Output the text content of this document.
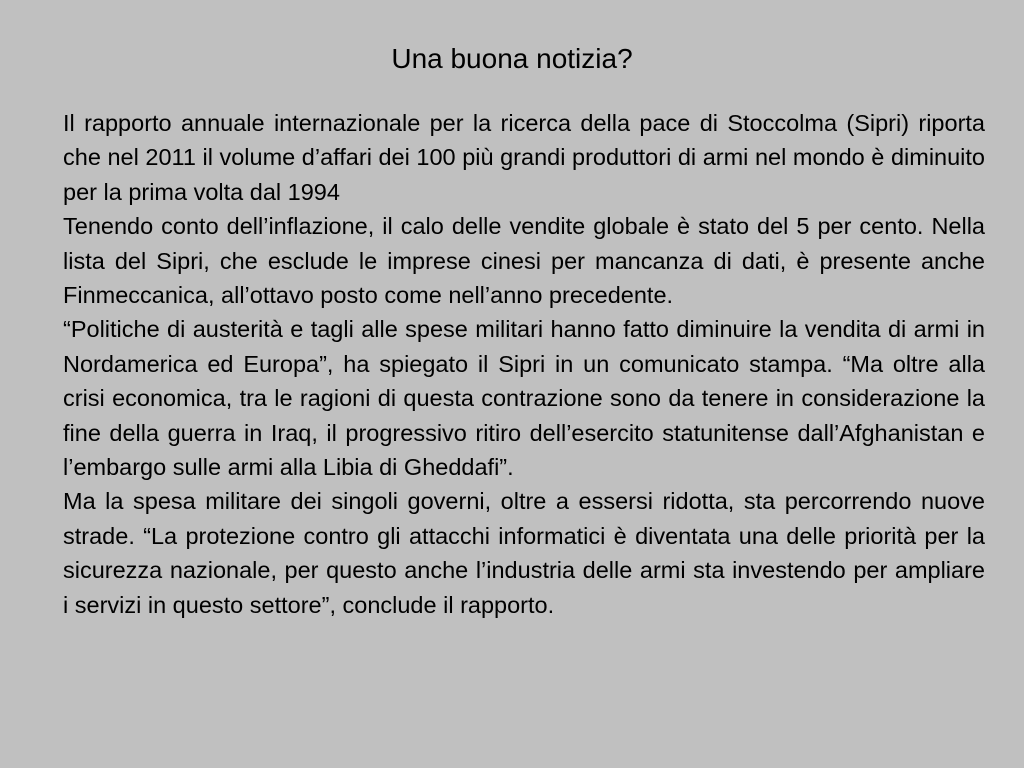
Una buona notizia?

Il rapporto annuale internazionale per la ricerca della pace di Stoccolma (Sipri) riporta che nel 2011 il volume d’affari dei 100 più grandi produttori di armi nel mondo è diminuito per la prima volta dal 1994

Tenendo conto dell’inflazione, il calo delle vendite globale è stato del 5 per cento. Nella lista del Sipri, che esclude le imprese cinesi per mancanza di dati, è presente anche Finmeccanica, all’ottavo posto come nell’anno precedente.

“Politiche di austerità e tagli alle spese militari hanno fatto diminuire la vendita di armi in Nordamerica ed Europa”, ha spiegato il Sipri in un comunicato stampa. “Ma oltre alla crisi economica, tra le ragioni di questa contrazione sono da tenere in considerazione la fine della guerra in Iraq, il progressivo ritiro dell’esercito statunitense dall’Afghanistan e l’embargo sulle armi alla Libia di Gheddafi”.

Ma la spesa militare dei singoli governi, oltre a essersi ridotta, sta percorrendo nuove strade. “La protezione contro gli attacchi informatici è diventata una delle priorità per la sicurezza nazionale, per questo anche l’industria delle armi sta investendo per ampliare i servizi in questo settore”, conclude il rapporto.
